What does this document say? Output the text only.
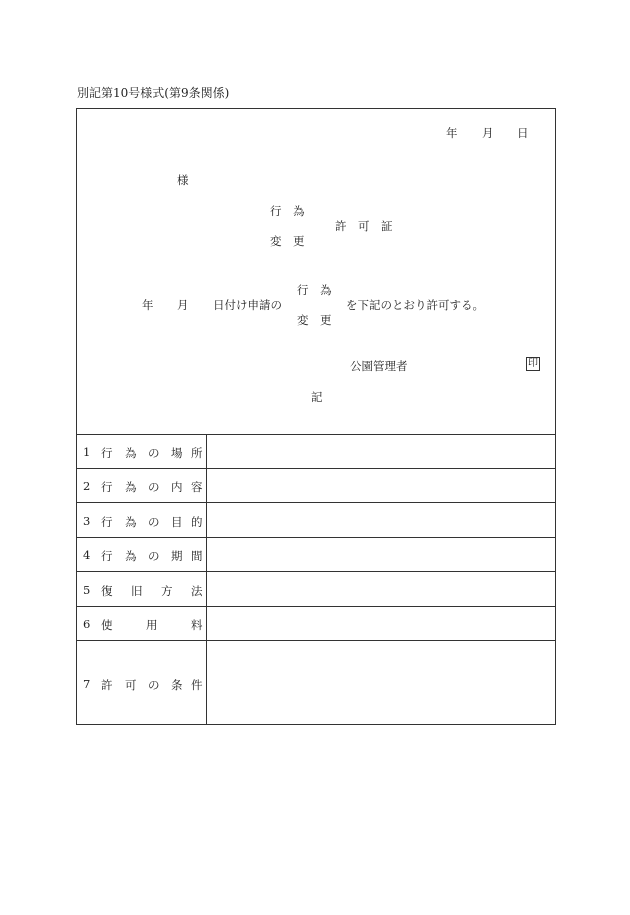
別記第10号様式(第9条関係)
年 月 日
様
行　為
変　更
許　可　証
年 月 日付け申請の
行　為
変　更
を下記のとおり許可する。
公園管理者	印
記
1 行 為 の 場 所
2 行 為 の 内 容
3 行 為 の 目 的
4 行 為 の 期 間
5 復 旧 方 法
6 使	用	料
7 許 可 の 条 件
